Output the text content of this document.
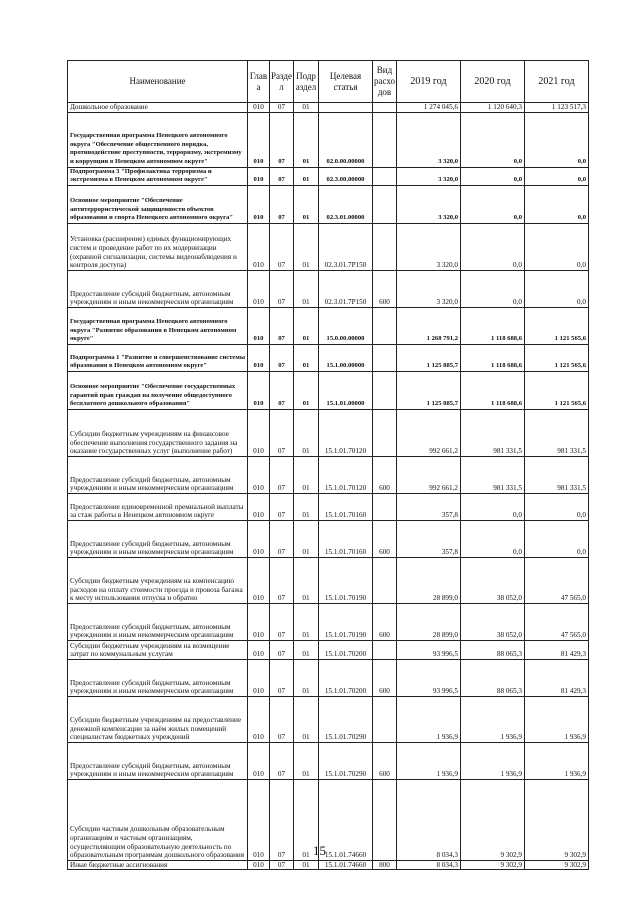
Наименование	Глав а	Разде л	Подр аздел	Целевая статья	Вид расхо дов	2019 год	2020 год	2021 год
Дошкольное образование	010	07	01			1 274 045,6	1 120 640,3	1 123 517,3
Государственная программа Ненецкого автономного округа "Обеспечение общественного порядка, противодействие преступности, терроризму, экстремизму и коррупции в Ненецком автономном округе"	010	07	01	02.0.00.00000		3 320,0	0,0	0,0
Подпрограмма 3 "Профилактика терроризма и экстремизма в Ненецком автономном округе"	010	07	01	02.3.00.00000		3 320,0	0,0	0,0
Основное мероприятие "Обеспечение антитеррористической защищенности объектов образования и спорта Ненецкого автономного округа"	010	07	01	02.3.01.00000		3 320,0	0,0	0,0
Установка (расширение) единых функционирующих систем и проведение работ по их модернизации (охранной сигнализации, системы видеонаблюдения и контроля доступа)	010	07	01	02.3.01.7Р150		3 320,0	0,0	0,0
Предоставление субсидий бюджетным, автономным учреждениям и иным некоммерческим организациям	010	07	01	02.3.01.7Р150	600	3 320,0	0,0	0,0
Государственная программа Ненецкого автономного округа "Развитие образования в Ненецком автономном округе"	010	07	01	15.0.00.00000		1 268 791,2	1 118 688,6	1 121 565,6
Подпрограмма 1 "Развитие и совершенствование системы образования в Ненецком автономном округе"	010	07	01	15.1.00.00000		1 125 885,7	1 118 688,6	1 121 565,6
Основное мероприятие "Обеспечение государственных гарантий прав граждан на получение общедоступного бесплатного дошкольного образования"	010	07	01	15.1.01.00000		1 125 885,7	1 118 688,6	1 121 565,6
Субсидии бюджетным учреждениям на финансовое обеспечение выполнения государственного задания на оказание государственных услуг (выполнение работ)	010	07	01	15.1.01.70120		992 661,2	981 331,5	981 331,5
Предоставление субсидий бюджетным, автономным учреждениям и иным некоммерческим организациям	010	07	01	15.1.01.70120	600	992 661,2	981 331,5	981 331,5
Предоставление единовременной премиальной выплаты за стаж работы в Ненецком автономном округе	010	07	01	15.1.01.70160		357,8	0,0	0,0
Предоставление субсидий бюджетным, автономным учреждениям и иным некоммерческим организациям	010	07	01	15.1.01.70160	600	357,8	0,0	0,0
Субсидии бюджетным учреждениям на компенсацию расходов на оплату стоимости проезда и провоза багажа к месту использования отпуска и обратно	010	07	01	15.1.01.70190		28 899,0	38 052,0	47 565,0
Предоставление субсидий бюджетным, автономным учреждениям и иным некоммерческим организациям	010	07	01	15.1.01.70190	600	28 899,0	38 052,0	47 565,0
Субсидии бюджетным учреждениям на возмещение затрат по коммунальным услугам	010	07	01	15.1.01.70200		93 996,5	88 065,3	81 429,3
Предоставление субсидий бюджетным, автономным учреждениям и иным некоммерческим организациям	010	07	01	15.1.01.70200	600	93 996,5	88 065,3	81 429,3
Субсидии бюджетным учреждениям на предоставление денежной компенсации за наём жилых помещений специалистам бюджетных учреждений	010	07	01	15.1.01.70290		1 936,9	1 936,9	1 936,9
Предоставление субсидий бюджетным, автономным учреждениям и иным некоммерческим организациям	010	07	01	15.1.01.70290	600	1 936,9	1 936,9	1 936,9
Субсидии частным дошкольным образовательным организациям и частным организациям, осуществляющим образовательную деятельность по образовательным программам дошкольного образования	010	07	01	15.1.01.74660		8 034,3	9 302,9	9 302,9
Иные бюджетные ассигнования	010	07	01	15.1.01.74660	800	8 034,3	9 302,9	9 302,9
15
